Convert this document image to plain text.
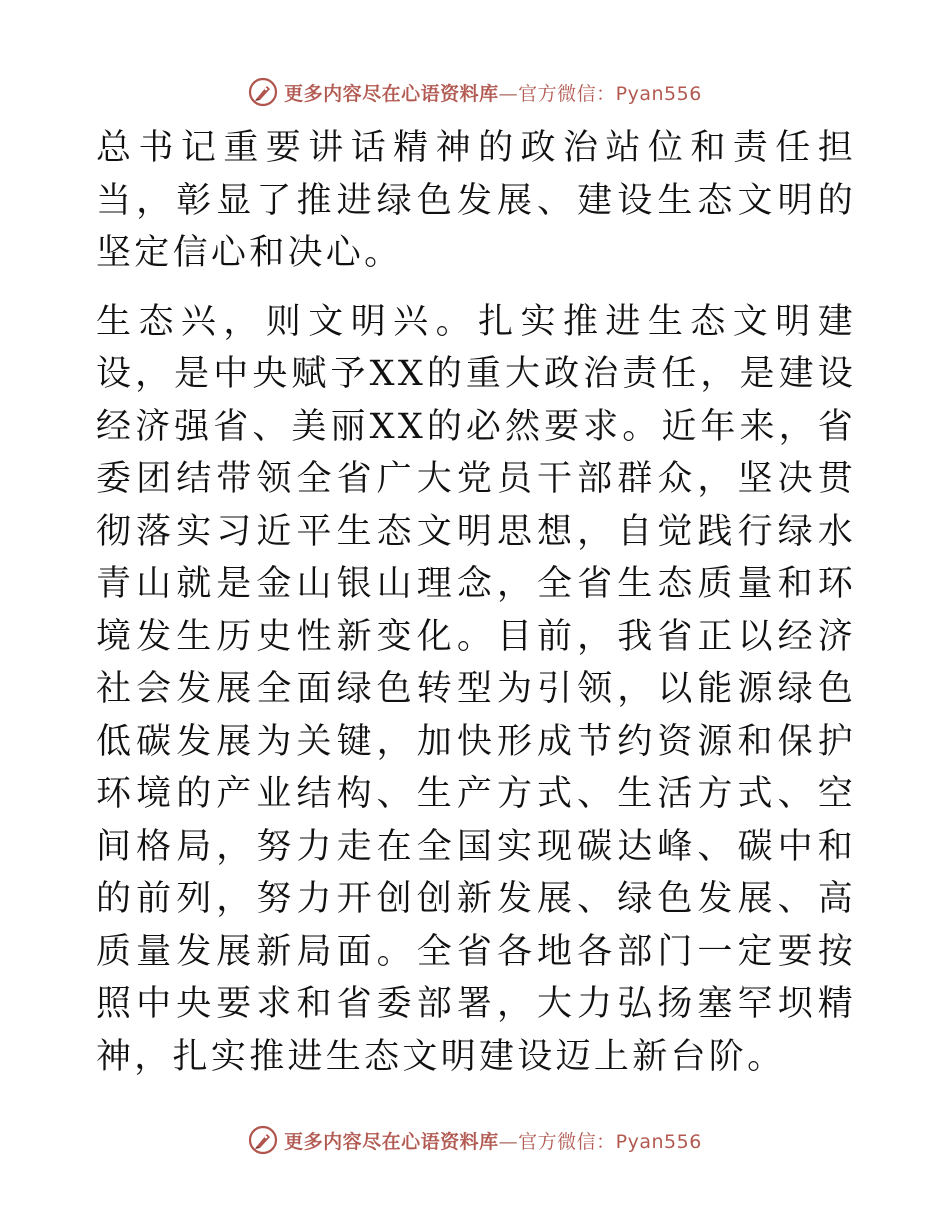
更多内容尽在心语资料库—官方微信：Pyan556

总书记重要讲话精神的政治站位和责任担当，彰显了推进绿色发展、建设生态文明的坚定信心和决心。

生态兴，则文明兴。扎实推进生态文明建设，是中央赋予XX的重大政治责任，是建设经济强省、美丽XX的必然要求。近年来，省委团结带领全省广大党员干部群众，坚决贯彻落实习近平生态文明思想，自觉践行绿水青山就是金山银山理念，全省生态质量和环境发生历史性新变化。目前，我省正以经济社会发展全面绿色转型为引领，以能源绿色低碳发展为关键，加快形成节约资源和保护环境的产业结构、生产方式、生活方式、空间格局，努力走在全国实现碳达峰、碳中和的前列，努力开创创新发展、绿色发展、高质量发展新局面。全省各地各部门一定要按照中央要求和省委部署，大力弘扬塞罕坝精神，扎实推进生态文明建设迈上新台阶。

更多内容尽在心语资料库—官方微信：Pyan556
